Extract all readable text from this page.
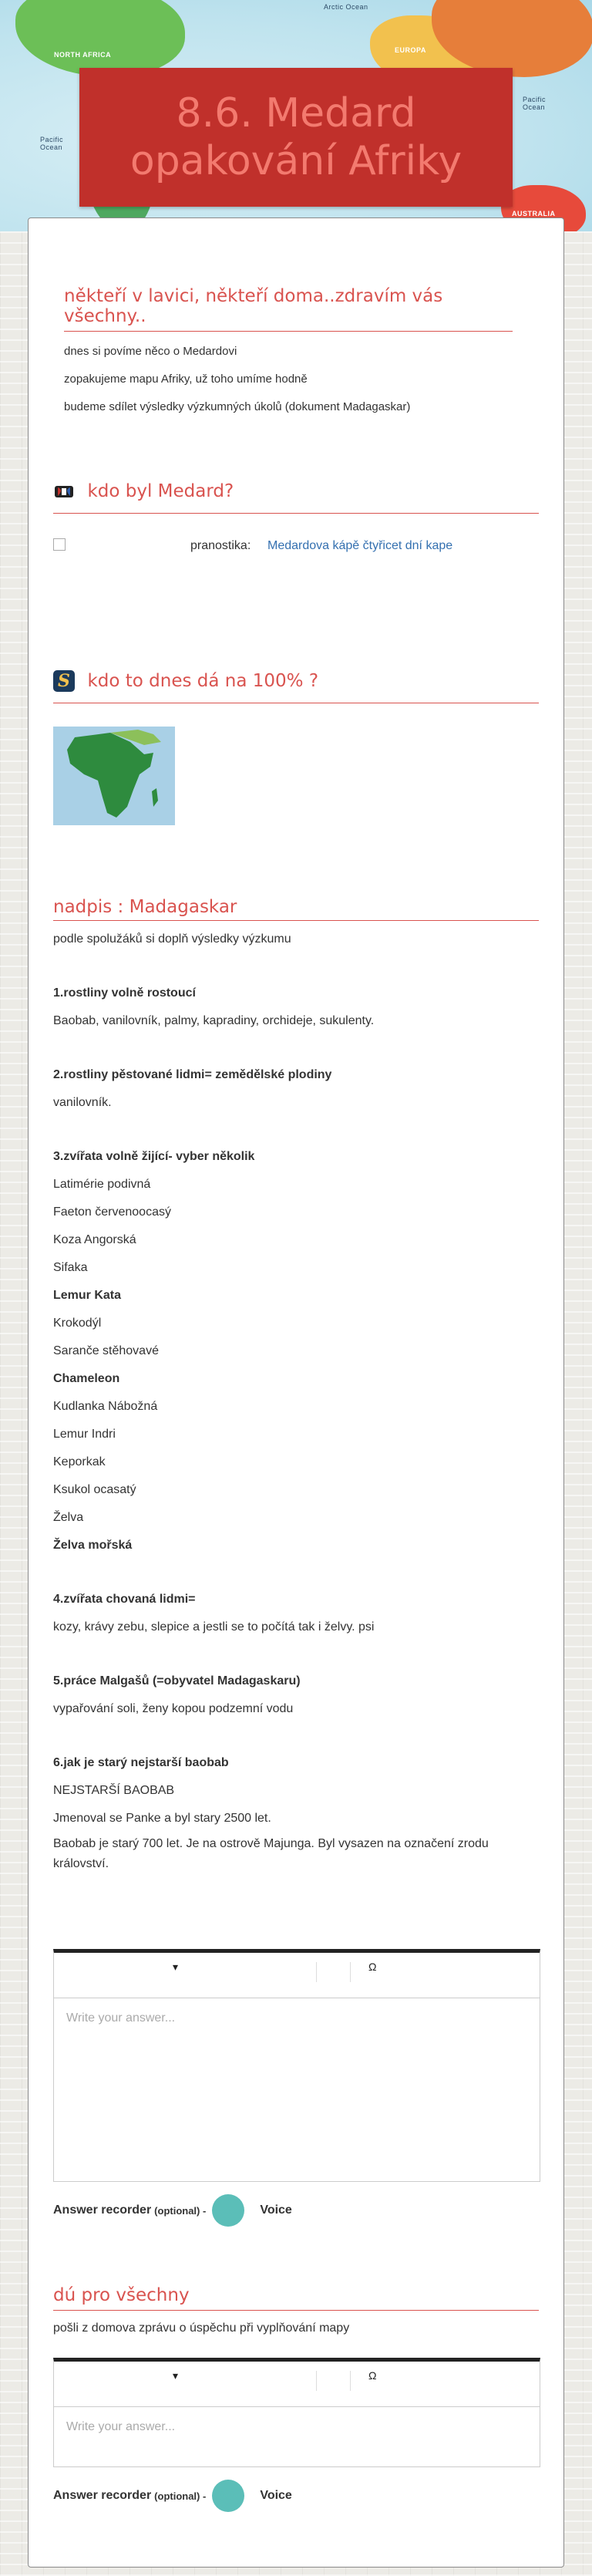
Arctic Ocean
NORTH AFRICA
EUROPA
Pacific Ocean
Pacific Ocean
AUSTRALIA
8.6. Medard
opakování Afriky
někteří v lavici, někteří doma..zdravím vás všechny..
dnes si povíme něco o Medardovi
zopakujeme mapu Afriky, už toho umíme hodně
budeme sdílet výsledky výzkumných úkolů (dokument Madagaskar)
kdo byl Medard?
pranostika: Medardova kápě čtyřicet dní kape
S kdo to dnes dá na 100% ?
nadpis : Madagaskar
podle spolužáků si doplň výsledky výzkumu
1.rostliny volně rostoucí
Baobab, vanilovník, palmy, kapradiny, orchideje, sukulenty.
2.rostliny pěstované lidmi= zemědělské plodiny
vanilovník.
3.zvířata volně žijící- vyber několik
Latimérie podivná
Faeton červenoocasý
Koza Angorská
Sifaka
Lemur Kata
Krokodýl
Saranče stěhovavé
Chameleon
Kudlanka Nábožná
Lemur Indri
Keporkak
Ksukol ocasatý
Želva
Želva mořská
4.zvířata chovaná lidmi=
kozy, krávy zebu, slepice a jestli se to počítá tak i želvy. psi
5.práce Malgašů (=obyvatel Madagaskaru)
vypařování soli, ženy kopou podzemní vodu
6.jak je starý nejstarší baobab
NEJSTARŠÍ BAOBAB
Jmenoval se Panke a byl stary 2500 let.
Baobab je starý 700 let. Je na ostrově Majunga. Byl vysazen na označení zrodu království.
▾	Ω
Write your answer...
Answer recorder (optional) -	Voice
dú pro všechny
pošli z domova zprávu o úspěchu při vyplňování mapy
▾	Ω
Write your answer...
Answer recorder (optional) -	Voice
